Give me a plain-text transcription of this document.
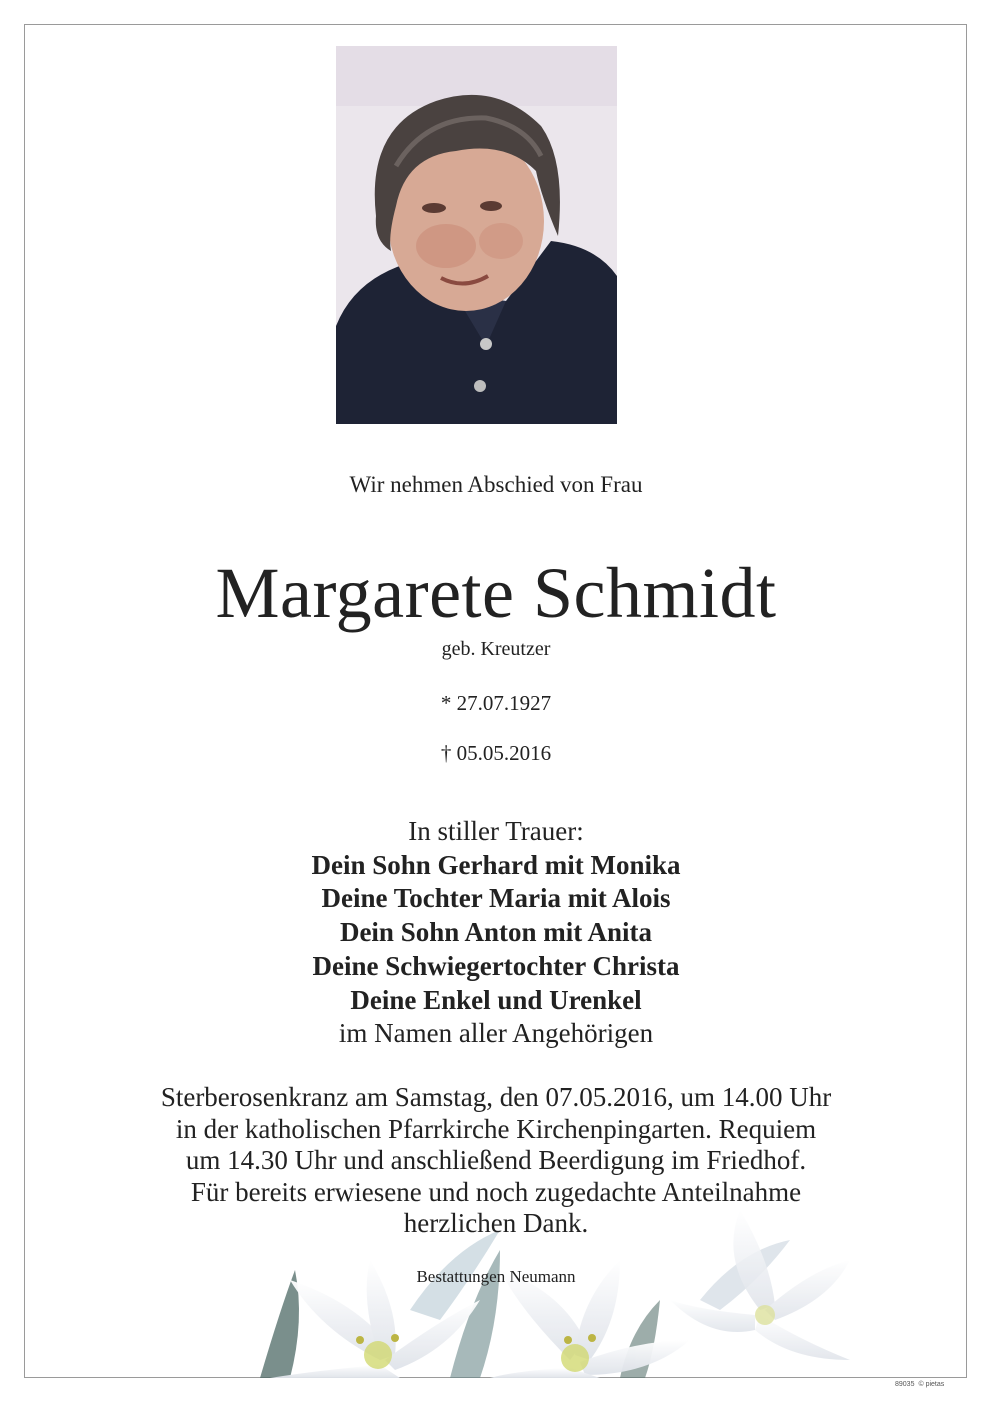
Wir nehmen Abschied von Frau
Margarete Schmidt
geb. Kreutzer
* 27.07.1927
† 05.05.2016
In stiller Trauer:
Dein Sohn Gerhard mit Monika
Deine Tochter Maria mit Alois
Dein Sohn Anton mit Anita
Deine Schwiegertochter Christa
Deine Enkel und Urenkel
im Namen aller Angehörigen
Sterberosenkranz am Samstag, den 07.05.2016, um 14.00 Uhr
in der katholischen Pfarrkirche Kirchenpingarten. Requiem
um 14.30 Uhr und anschließend Beerdigung im Friedhof.
Für bereits erwiesene und noch zugedachte Anteilnahme
herzlichen Dank.
Bestattungen Neumann
89035 © pietas
